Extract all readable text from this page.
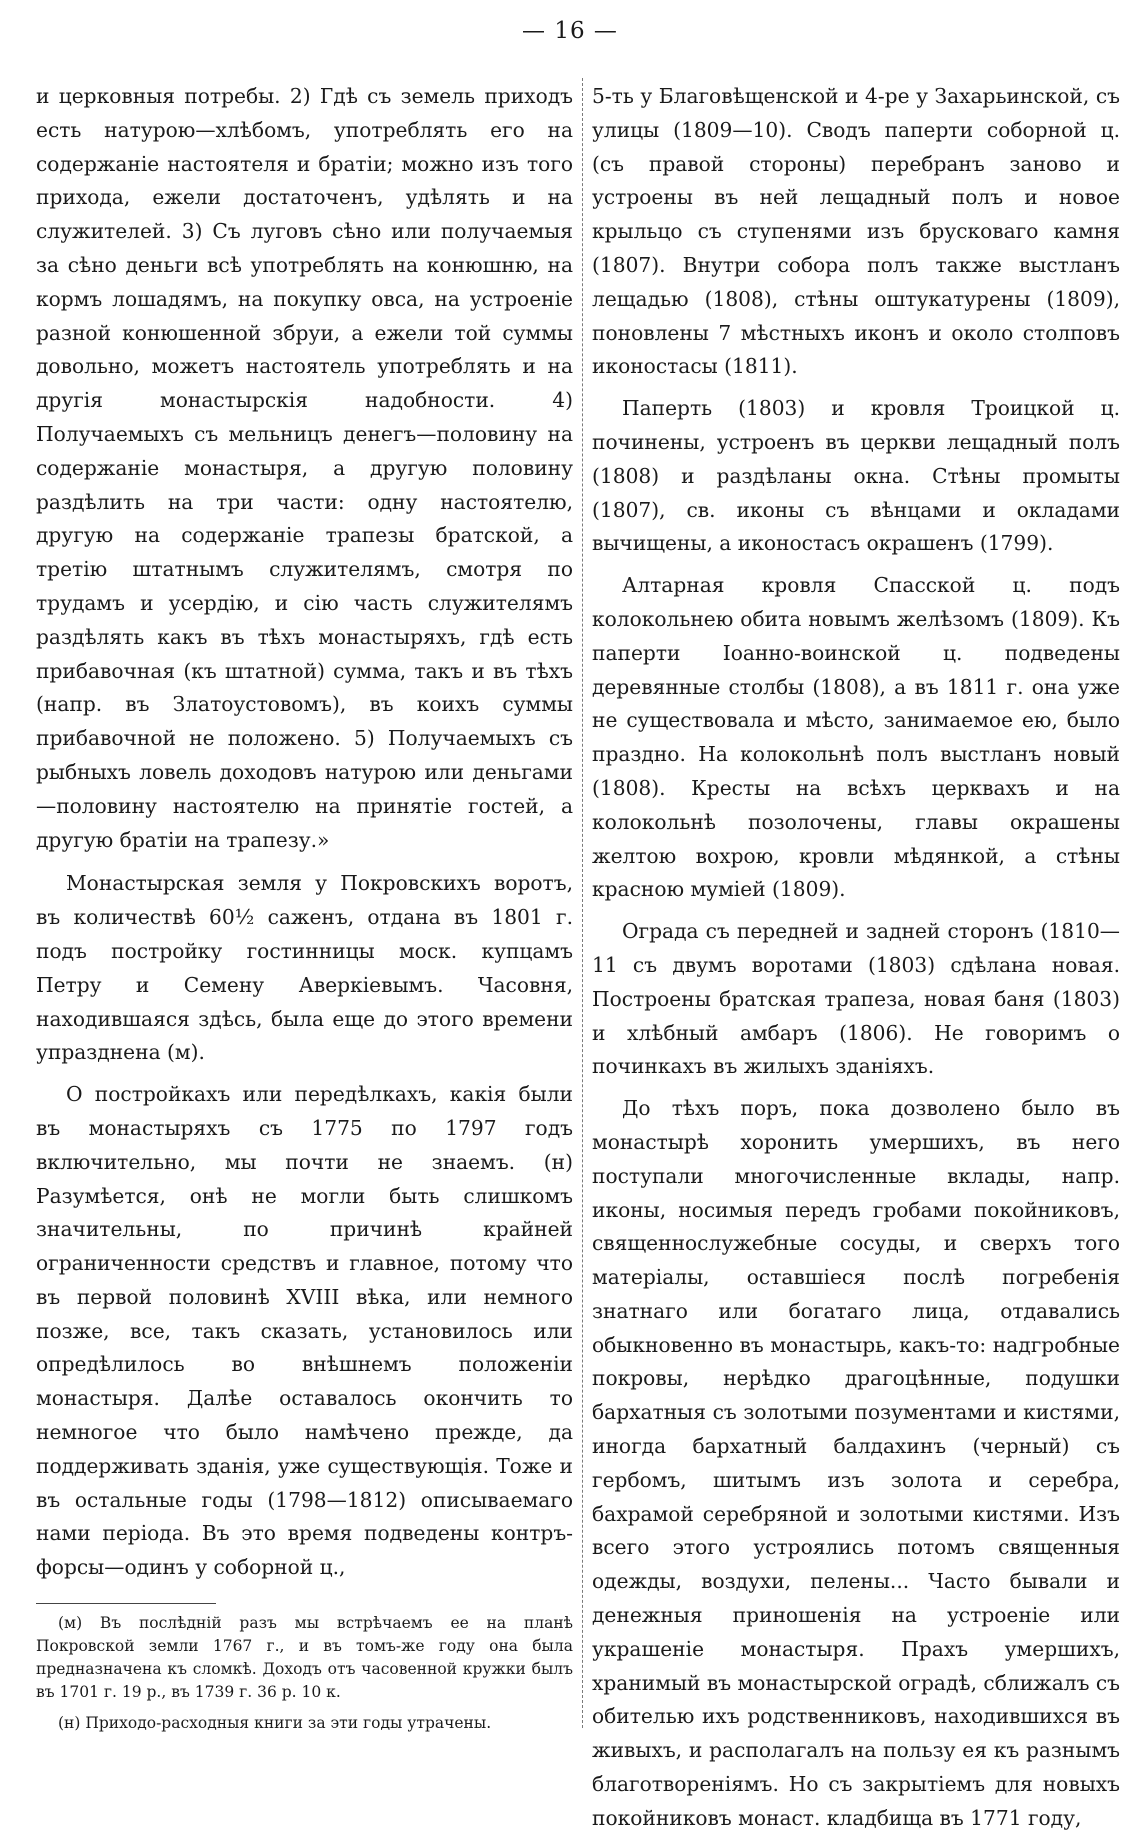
— 16 —

и церковныя потребы. 2) Гдѣ съ земель приходъ есть натурою—хлѣбомъ, употреблять его на содержаніе настоятеля и братіи; можно изъ того прихода, ежели достаточенъ, удѣлять и на служителей. 3) Съ луговъ сѣно или получаемыя за сѣно деньги всѣ употреблять на конюшню, на кормъ лошадямъ, на покупку овса, на устроеніе разной конюшенной збруи, а ежели той суммы довольно, можетъ настоятель употреблять и на другія монастырскія надобности. 4) Получаемыхъ съ мельницъ денегъ—половину на содержаніе монастыря, а другую половину раздѣлить на три части: одну настоятелю, другую на содержаніе трапезы братской, а третію штатнымъ служителямъ, смотря по трудамъ и усердію, и сію часть служителямъ раздѣлять какъ въ тѣхъ монастыряхъ, гдѣ есть прибавочная (къ штатной) сумма, такъ и въ тѣхъ (напр. въ Златоустовомъ), въ коихъ суммы прибавочной не положено. 5) Получаемыхъ съ рыбныхъ ловель доходовъ натурою или деньгами—половину настоятелю на принятіе гостей, а другую братіи на трапезу.»

Монастырская земля у Покровскихъ воротъ, въ количествѣ 60½ саженъ, отдана въ 1801 г. подъ постройку гостинницы моск. купцамъ Петру и Семену Аверкіевымъ. Часовня, находившаяся здѣсь, была еще до этого времени упразднена (м).

О постройкахъ или передѣлкахъ, какія были въ монастыряхъ съ 1775 по 1797 годъ включительно, мы почти не знаемъ. (н) Разумѣется, онѣ не могли быть слишкомъ значительны, по причинѣ крайней ограниченности средствъ и главное, потому что въ первой половинѣ XVIII вѣка, или немного позже, все, такъ сказать, установилось или опредѣлилось во внѣшнемъ положеніи монастыря. Далѣе оставалось окончить то немногое что было намѣчено прежде, да поддерживать зданія, уже существующія. Тоже и въ остальные годы (1798—1812) описываемаго нами періода. Въ это время подведены контръ-форсы—одинъ у соборной ц.,

(м) Въ послѣдній разъ мы встрѣчаемъ ее на планѣ Покровской земли 1767 г., и въ томъ-же году она была предназначена къ сломкѣ. Доходъ отъ часовенной кружки былъ въ 1701 г. 19 р., въ 1739 г. 36 р. 10 к.

(н) Приходо-расходныя книги за эти годы утрачены.

5-ть у Благовѣщенской и 4-ре у Захарьинской, съ улицы (1809—10). Сводъ паперти соборной ц. (съ правой стороны) перебранъ заново и устроены въ ней лещадный полъ и новое крыльцо съ ступенями изъ брусковаго камня (1807). Внутри собора полъ также выстланъ лещадью (1808), стѣны оштукатурены (1809), поновлены 7 мѣстныхъ иконъ и около столповъ иконостасы (1811).

Паперть (1803) и кровля Троицкой ц. починены, устроенъ въ церкви лещадный полъ (1808) и раздѣланы окна. Стѣны промыты (1807), св. иконы съ вѣнцами и окладами вычищены, а иконостасъ окрашенъ (1799).

Алтарная кровля Спасской ц. подъ колокольнею обита новымъ желѣзомъ (1809). Къ паперти Іоанно-воинской ц. подведены деревянные столбы (1808), а въ 1811 г. она уже не существовала и мѣсто, занимаемое ею, было праздно. На колокольнѣ полъ выстланъ новый (1808). Кресты на всѣхъ церквахъ и на колокольнѣ позолочены, главы окрашены желтою вохрою, кровли мѣдянкой, а стѣны красною муміей (1809).

Ограда съ передней и задней сторонъ (1810—11 съ двумъ воротами (1803) сдѣлана новая. Построены братская трапеза, новая баня (1803) и хлѣбный амбаръ (1806). Не говоримъ о починкахъ въ жилыхъ зданіяхъ.

До тѣхъ поръ, пока дозволено было въ монастырѣ хоронить умершихъ, въ него поступали многочисленные вклады, напр. иконы, носимыя передъ гробами покойниковъ, священнослужебные сосуды, и сверхъ того матеріалы, оставшіеся послѣ погребенія знатнаго или богатаго лица, отдавались обыкновенно въ монастырь, какъ-то: надгробные покровы, нерѣдко драгоцѣнные, подушки бархатныя съ золотыми позументами и кистями, иногда бархатный балдахинъ (черный) съ гербомъ, шитымъ изъ золота и серебра, бахрамой серебряной и золотыми кистями. Изъ всего этого устроялись потомъ священныя одежды, воздухи, пелены... Часто бывали и денежныя приношенія на устроеніе или украшеніе монастыря. Прахъ умершихъ, хранимый въ монастырской оградѣ, сближалъ съ обителью ихъ родственниковъ, находившихся въ живыхъ, и располагалъ на пользу ея къ разнымъ благотвореніямъ. Но съ закрытіемъ для новыхъ покойниковъ монаст. кладбища въ 1771 году,
